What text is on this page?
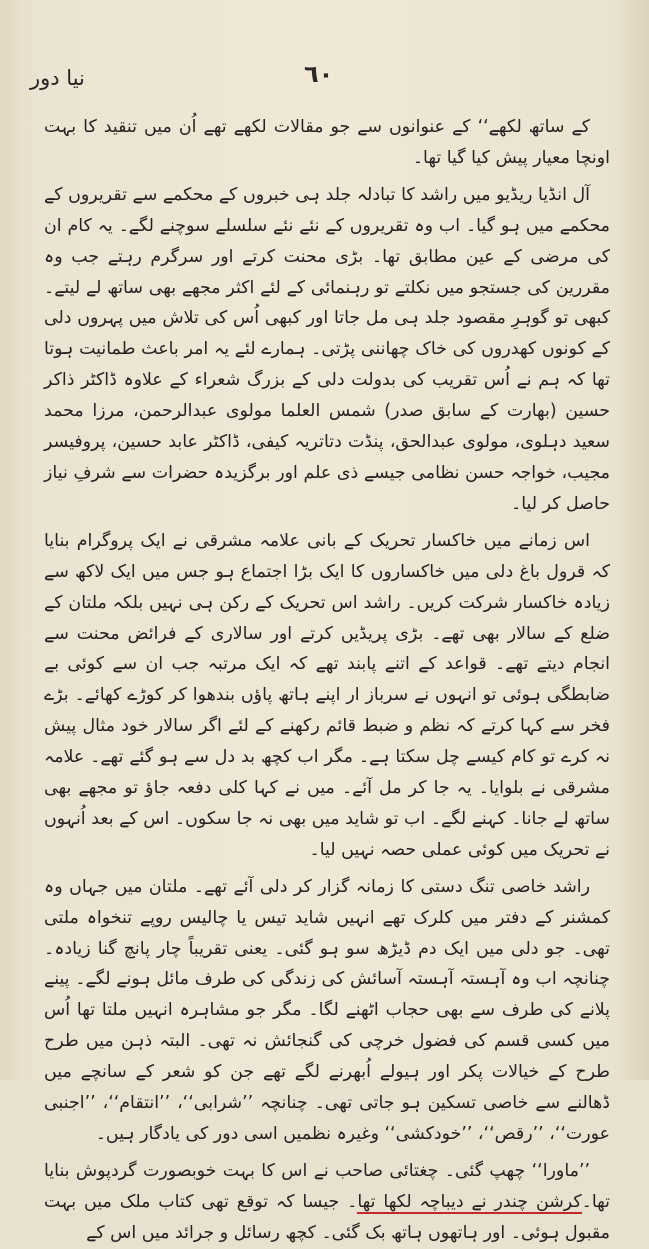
نیا دور	٦٠

کے ساتھ لکھے‘‘ کے عنوانوں سے جو مقالات لکھے تھے اُن میں تنقید کا بہت اونچا معیار پیش کیا گیا تھا۔

آل انڈیا ریڈیو میں راشد کا تبادلہ جلد ہی خبروں کے محکمے سے تقریروں کے محکمے میں ہو گیا۔ اب وہ تقریروں کے نئے نئے سلسلے سوچنے لگے۔ یہ کام ان کی مرضی کے عین مطابق تھا۔ بڑی محنت کرتے اور سرگرم رہتے جب وہ مقررین کی جستجو میں نکلتے تو رہنمائی کے لئے اکثر مجھے بھی ساتھ لے لیتے۔ کبھی تو گوہرِ مقصود جلد ہی مل جاتا اور کبھی اُس کی تلاش میں پہروں دلی کے کونوں کھدروں کی خاک چھاننی پڑتی۔ ہمارے لئے یہ امر باعث طمانیت ہوتا تھا کہ ہم نے اُس تقریب کی بدولت دلی کے بزرگ شعراء کے علاوہ ڈاکٹر ذاکر حسین (بھارت کے سابق صدر) شمس العلما مولوی عبدالرحمن، مرزا محمد سعید دہلوی، مولوی عبدالحق، پنڈت دتاتریہ کیفی، ڈاکٹر عابد حسین، پروفیسر مجیب، خواجہ حسن نظامی جیسے ذی علم اور برگزیدہ حضرات سے شرفِ نیاز حاصل کر لیا۔

اس زمانے میں خاکسار تحریک کے بانی علامہ مشرقی نے ایک پروگرام بنایا کہ قرول باغ دلی میں خاکساروں کا ایک بڑا اجتماع ہو جس میں ایک لاکھ سے زیادہ خاکسار شرکت کریں۔ راشد اس تحریک کے رکن ہی نہیں بلکہ ملتان کے ضلع کے سالار بھی تھے۔ بڑی پریڈیں کرتے اور سالاری کے فرائض محنت سے انجام دیتے تھے۔ قواعد کے اتنے پابند تھے کہ ایک مرتبہ جب ان سے کوئی بے ضابطگی ہوئی تو انہوں نے سرباز ار اپنے ہاتھ پاؤں بندھوا کر کوڑے کھائے۔ بڑے فخر سے کہا کرتے کہ نظم و ضبط قائم رکھنے کے لئے اگر سالار خود مثال پیش نہ کرے تو کام کیسے چل سکتا ہے۔ مگر اب کچھ بد دل سے ہو گئے تھے۔ علامہ مشرقی نے بلوایا۔ یہ جا کر مل آئے۔ میں نے کہا کلی دفعہ جاؤ تو مجھے بھی ساتھ لے جانا۔ کہنے لگے۔ اب تو شاید میں بھی نہ جا سکوں۔ اس کے بعد اُنہوں نے تحریک میں کوئی عملی حصہ نہیں لیا۔

راشد خاصی تنگ دستی کا زمانہ گزار کر دلی آئے تھے۔ ملتان میں جہاں وہ کمشنر کے دفتر میں کلرک تھے انہیں شاید تیس یا چالیس روپے تنخواہ ملتی تھی۔ جو دلی میں ایک دم ڈیڑھ سو ہو گئی۔ یعنی تقریباً چار پانچ گنا زیادہ۔ چنانچہ اب وہ آہستہ آہستہ آسائش کی زندگی کی طرف مائل ہونے لگے۔ پینے پلانے کی طرف سے بھی حجاب اٹھنے لگا۔ مگر جو مشاہرہ انہیں ملتا تھا اُس میں کسی قسم کی فضول خرچی کی گنجائش نہ تھی۔ البتہ ذہن میں طرح طرح کے خیالات پکر اور ہیولے اُبھرنے لگے تھے جن کو شعر کے سانچے میں ڈھالنے سے خاصی تسکین ہو جاتی تھی۔ چنانچہ ’’شرابی‘‘، ’’انتقام‘‘، ’’اجنبی عورت‘‘، ’’رقص‘‘، ’’خودکشی‘‘ وغیرہ نظمیں اسی دور کی یادگار ہیں۔

’’ماورا‘‘ چھپ گئی۔ چغتائی صاحب نے اس کا بہت خوبصورت گردپوش بنایا تھا۔کرشن چندر نے دیباچہ لکھا تھا۔ جیسا کہ توقع تھی کتاب ملک میں بہت مقبول ہوئی۔ اور ہاتھوں ہاتھ بک گئی۔ کچھ رسائل و جرائد میں اس کے
